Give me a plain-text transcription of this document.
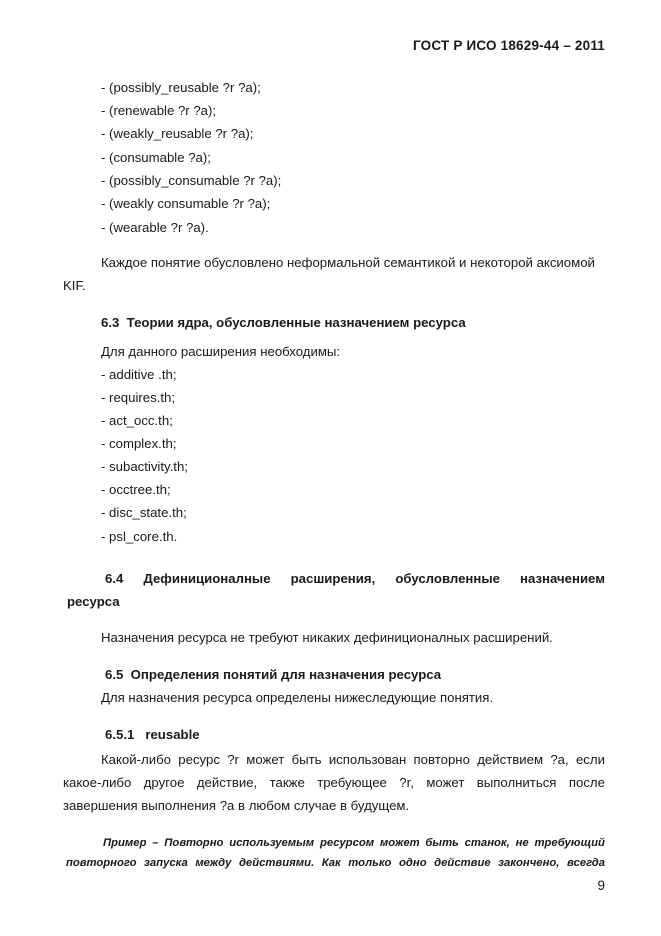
ГОСТ Р ИСО 18629-44 – 2011
- (possibly_reusable ?r ?a);
- (renewable ?r ?a);
- (weakly_reusable ?r ?a);
- (consumable ?a);
- (possibly_consumable ?r ?a);
- (weakly consumable ?r ?a);
- (wearable ?r ?a).
Каждое понятие обусловлено неформальной семантикой и некоторой аксиомой
KIF.
6.3 Теории ядра, обусловленные назначением ресурса
Для данного расширения необходимы:
- additive .th;
- requires.th;
- act_occ.th;
- complex.th;
- subactivity.th;
- occtree.th;
- disc_state.th;
- psl_core.th.
6.4 Дефиниционалные расширения, обусловленные назначением
ресурса
Назначения ресурса не требуют никаких дефиниционалных расширений.
6.5 Определения понятий для назначения ресурса
Для назначения ресурса определены нижеследующие понятия.
6.5.1 reusable
Какой-либо ресурс ?r может быть использован повторно действием ?a, если
какое-либо другое действие, также требующее ?r, может выполниться после
завершения выполнения ?a в любом случае в будущем.
Пример – Повторно используемым ресурсом может быть станок, не требующий
повторного запуска между действиями. Как только одно действие закончено, всегда
9
